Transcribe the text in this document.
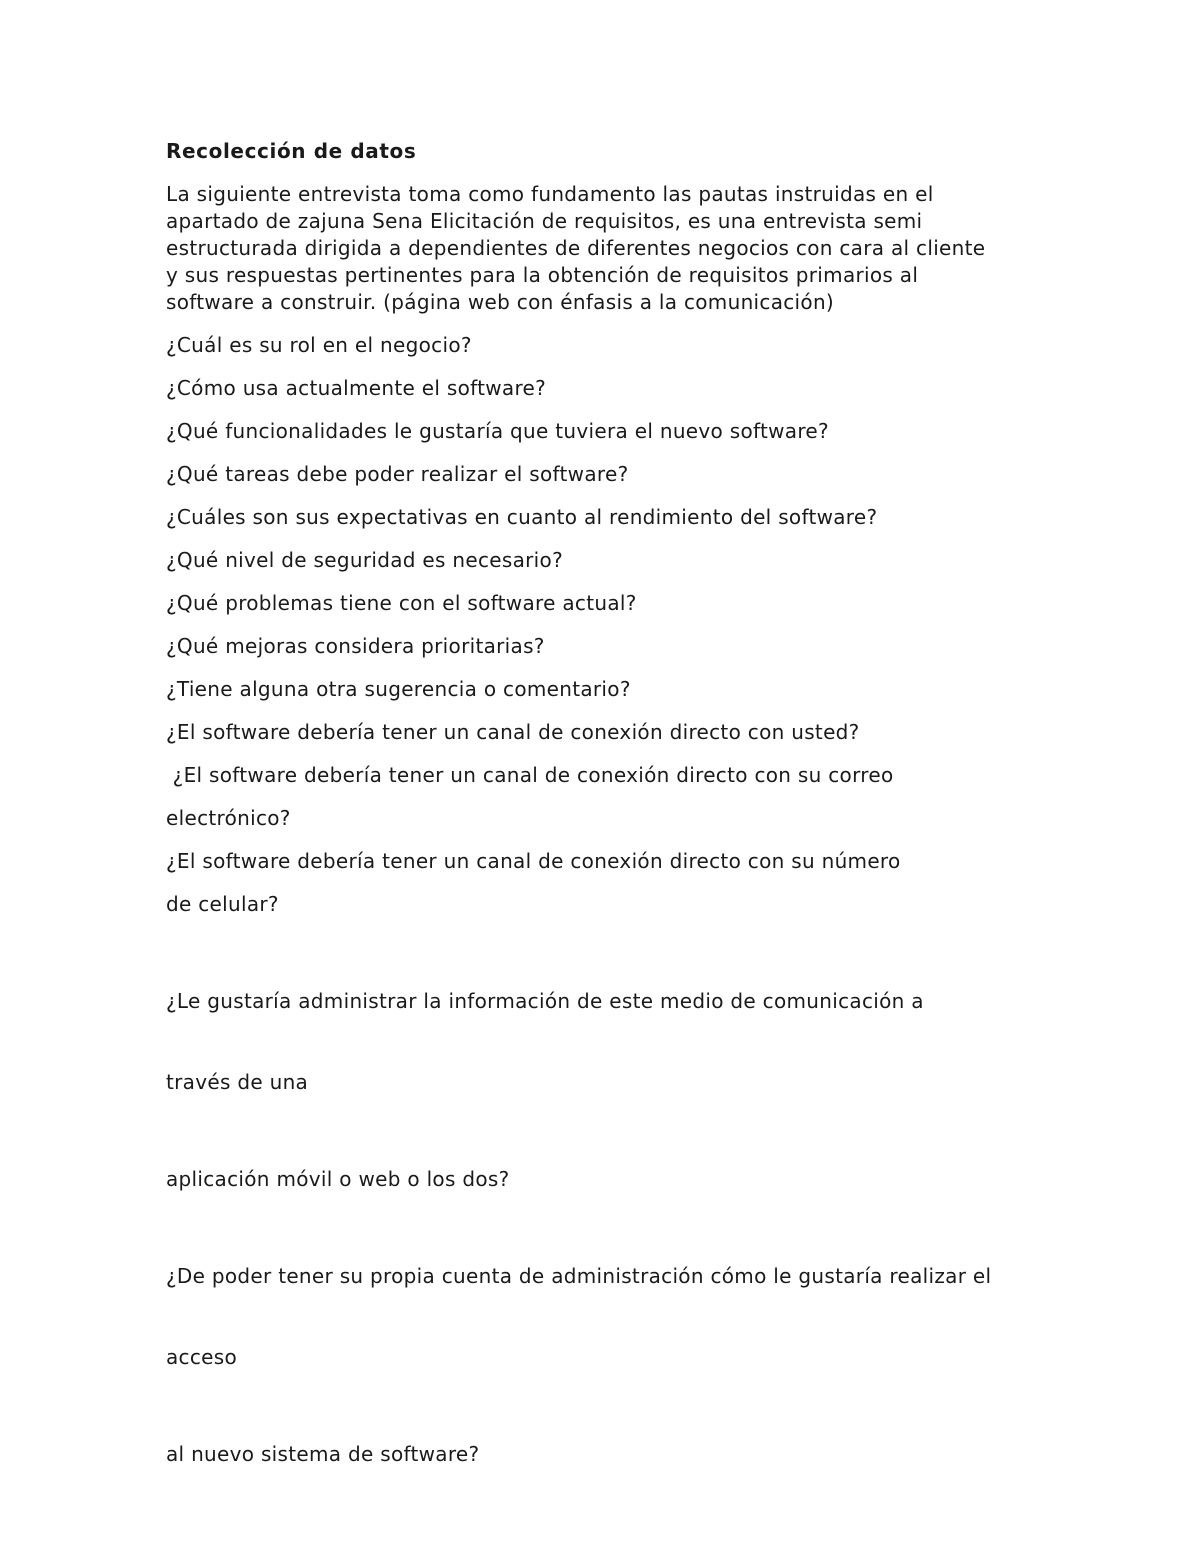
Recolección de datos
La siguiente entrevista toma como fundamento las pautas instruidas en el
apartado de zajuna Sena Elicitación de requisitos, es una entrevista semi
estructurada dirigida a dependientes de diferentes negocios con cara al cliente
y sus respuestas pertinentes para la obtención de requisitos primarios al
software a construir. (página web con énfasis a la comunicación)
¿Cuál es su rol en el negocio?
¿Cómo usa actualmente el software?
¿Qué funcionalidades le gustaría que tuviera el nuevo software?
¿Qué tareas debe poder realizar el software?
¿Cuáles son sus expectativas en cuanto al rendimiento del software?
¿Qué nivel de seguridad es necesario?
¿Qué problemas tiene con el software actual?
¿Qué mejoras considera prioritarias?
¿Tiene alguna otra sugerencia o comentario?
¿El software debería tener un canal de conexión directo con usted?
¿El software debería tener un canal de conexión directo con su correo
electrónico?
¿El software debería tener un canal de conexión directo con su número
de celular?

¿Le gustaría administrar la información de este medio de comunicación a

través de una

aplicación móvil o web o los dos?

¿De poder tener su propia cuenta de administración cómo le gustaría realizar el

acceso

al nuevo sistema de software?
